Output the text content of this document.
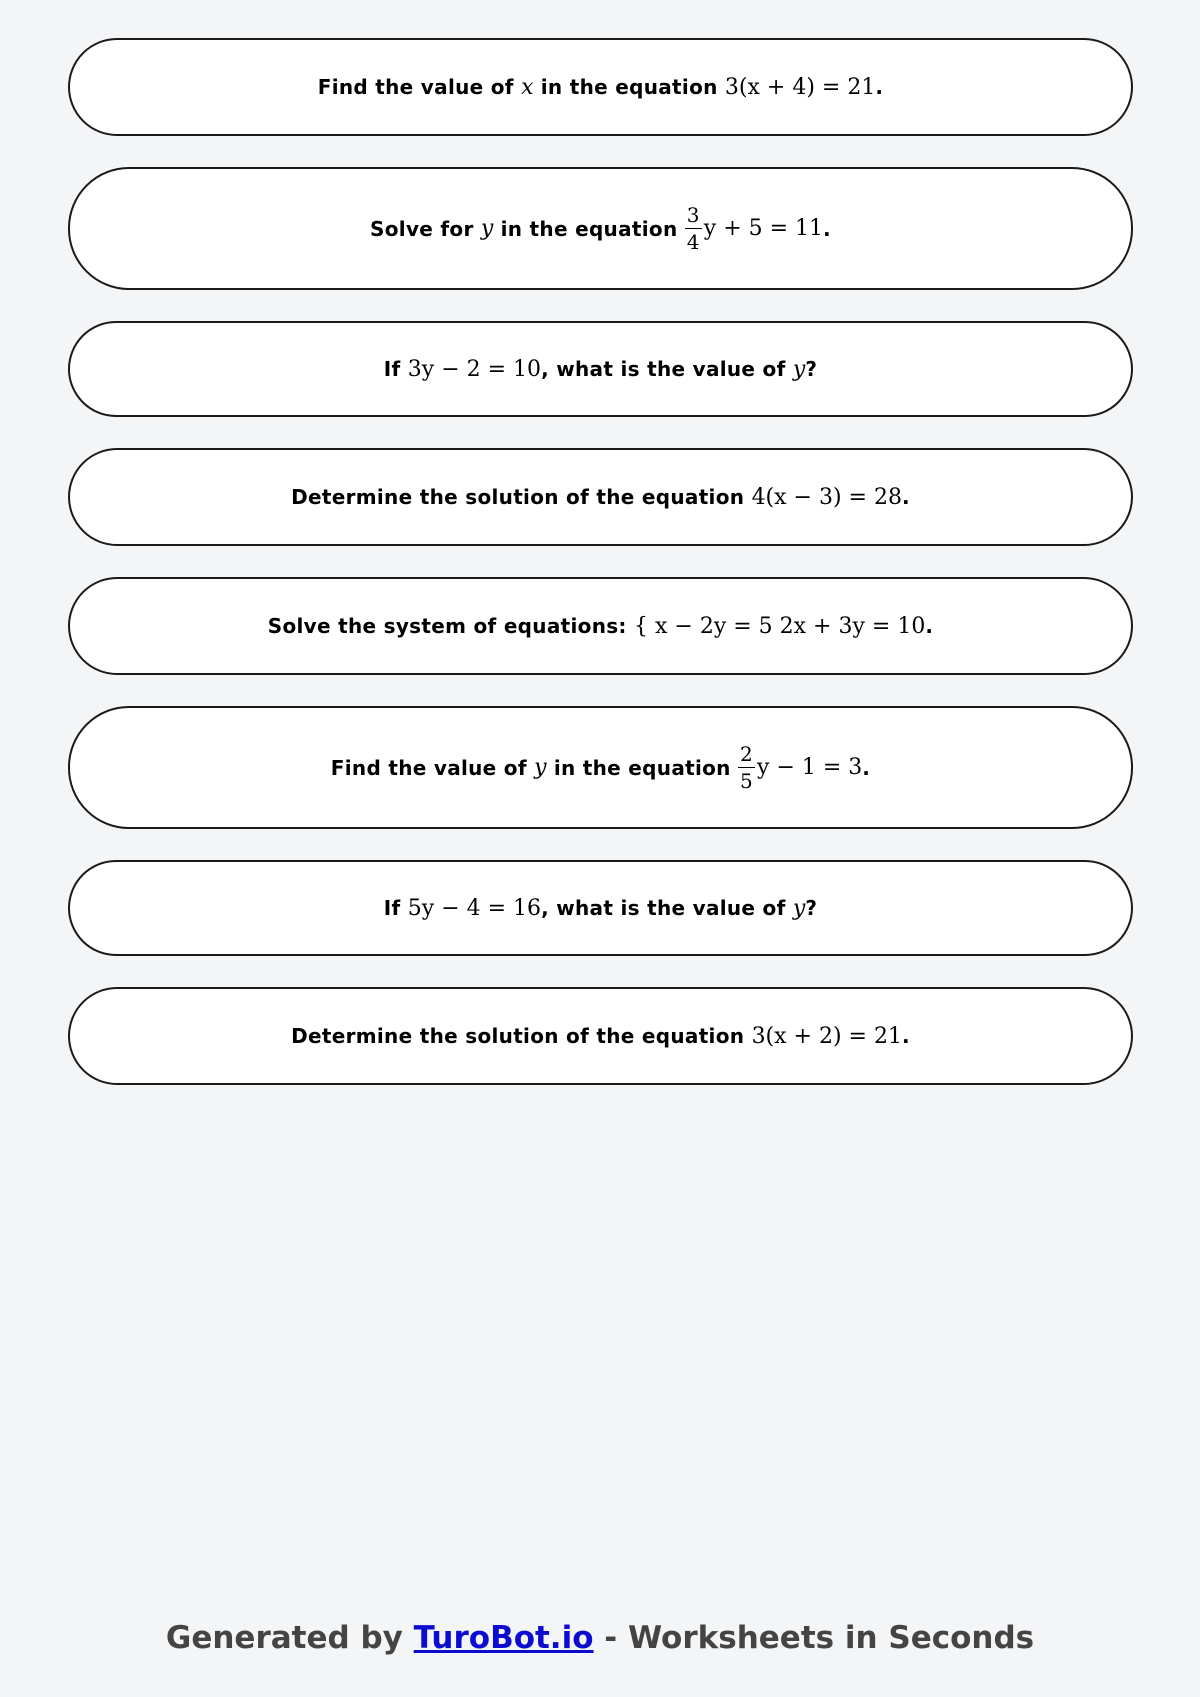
Find the value of x in the equation 3(x + 4) = 21 .
Solve for y in the equation $\frac{3}{4}$ y + 5 = 11 .
If 3y − 2 = 10 , what is the value of y ?
Determine the solution of the equation 4(x − 3) = 28 .
Solve the system of equations: { x − 2y = 5 2x + 3y = 10 .
Find the value of y in the equation $\frac{2}{5}$ y − 1 = 3 .
If 5y − 4 = 16 , what is the value of y ?
Determine the solution of the equation 3(x + 2) = 21 .
Generated by TuroBot.io - Worksheets in Seconds
